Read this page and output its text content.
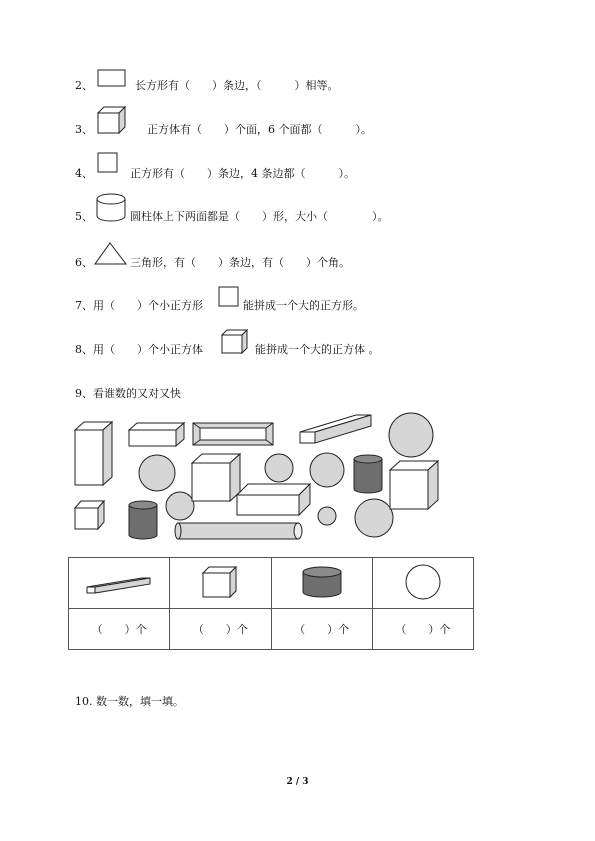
2、	长方形有（　　）条边，（　　　）相等。
3、	正方体有（　　）个面，6 个面都（　　　）。
4、	正方形有（　　）条边，4 条边都（　　　）。
5、	圆柱体上下两面都是（　　）形，大小（　　　　）。
6、	三角形，有（　　）条边，有（　　）个角。
7、 用（　　）个小正方形	能拼成一个大的正方形。
8、 用（　　）个小正方体	能拼成一个大的正方体 。
9、看谁数的又对又快

（　　）个	（　　）个	（　　）个	（　　）个
10. 数一数，填一填。
2 / 3
